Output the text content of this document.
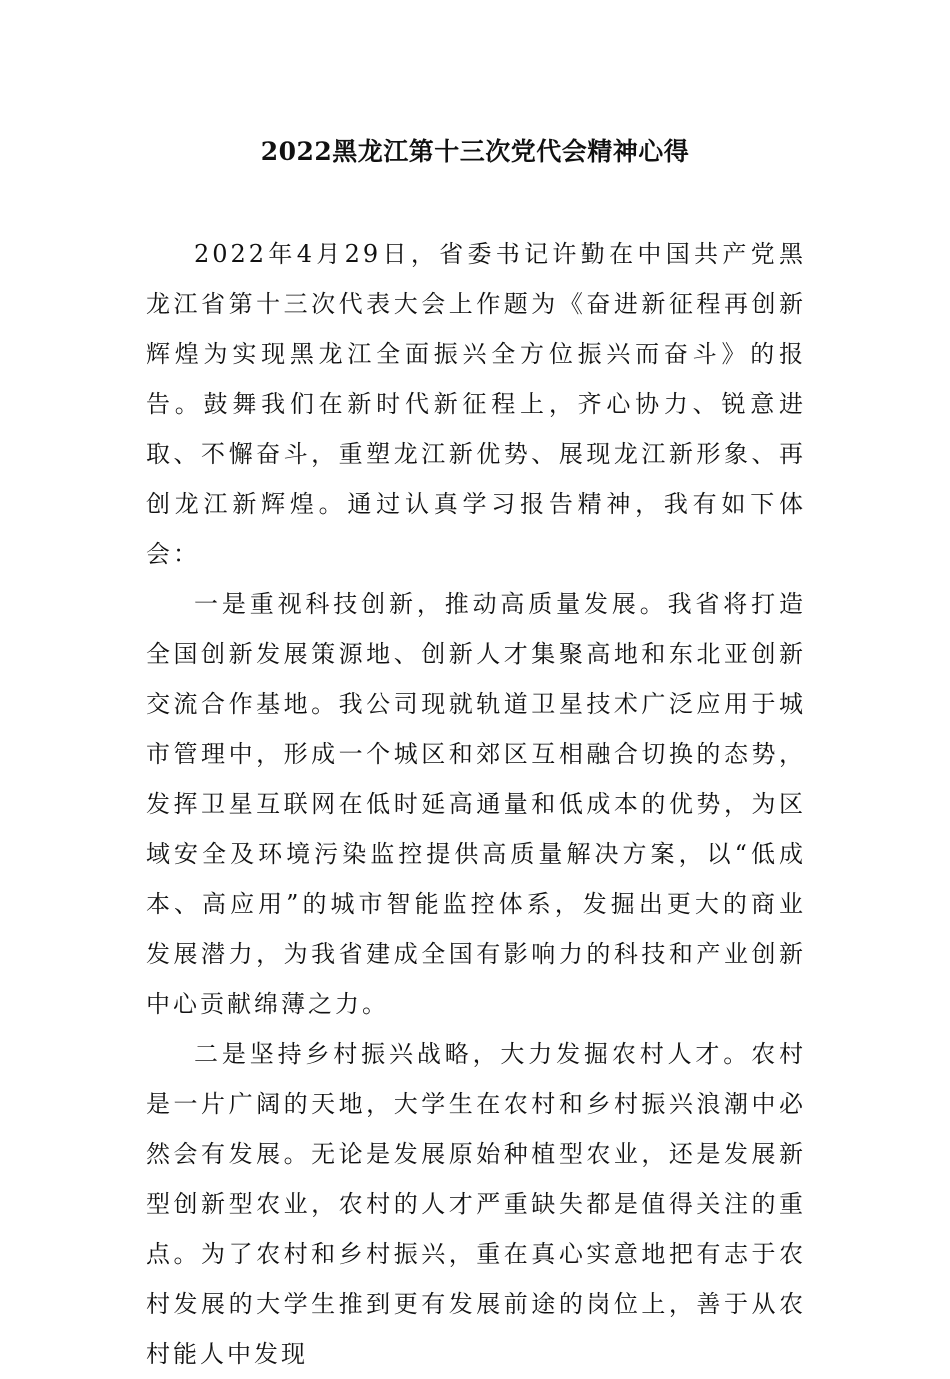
2022黑龙江第十三次党代会精神心得

2022年4月29日，省委书记许勤在中国共产党黑龙江省第十三次代表大会上作题为《奋进新征程再创新辉煌为实现黑龙江全面振兴全方位振兴而奋斗》的报告。鼓舞我们在新时代新征程上，齐心协力、锐意进取、不懈奋斗，重塑龙江新优势、展现龙江新形象、再创龙江新辉煌。通过认真学习报告精神，我有如下体会：

一是重视科技创新，推动高质量发展。我省将打造全国创新发展策源地、创新人才集聚高地和东北亚创新交流合作基地。我公司现就轨道卫星技术广泛应用于城市管理中，形成一个城区和郊区互相融合切换的态势，发挥卫星互联网在低时延高通量和低成本的优势，为区域安全及环境污染监控提供高质量解决方案，以“低成本、高应用”的城市智能监控体系，发掘出更大的商业发展潜力，为我省建成全国有影响力的科技和产业创新中心贡献绵薄之力。

二是坚持乡村振兴战略，大力发掘农村人才。农村是一片广阔的天地，大学生在农村和乡村振兴浪潮中必然会有发展。无论是发展原始种植型农业，还是发展新型创新型农业，农村的人才严重缺失都是值得关注的重点。为了农村和乡村振兴，重在真心实意地把有志于农村发展的大学生推到更有发展前途的岗位上，善于从农村能人中发现
